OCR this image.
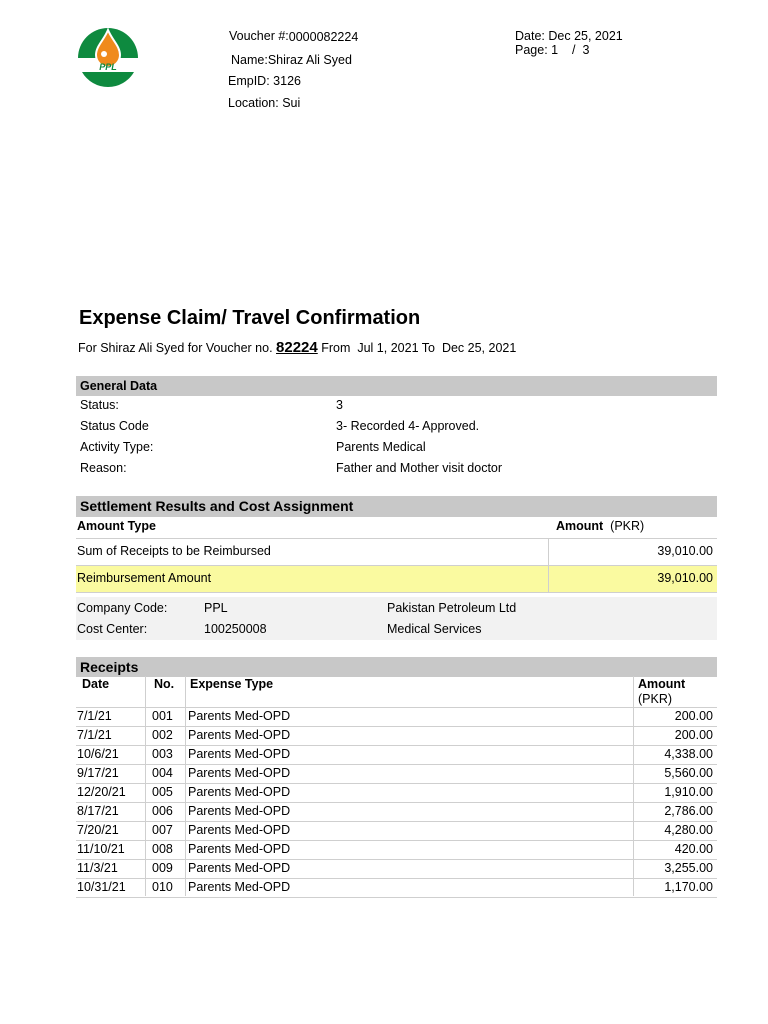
PPL
Voucher #:0000082224
Name:Shiraz Ali Syed
EmpID: 3126
Location: Sui
Date: Dec 25, 2021
Page: 1 / 3
Expense Claim/ Travel Confirmation
For Shiraz Ali Syed for Voucher no. 82224 From Jul 1, 2021 To Dec 25, 2021
General Data
Status:	3
Status Code	3- Recorded 4- Approved.
Activity Type:	Parents Medical
Reason:	Father and Mother visit doctor
Settlement Results and Cost Assignment
Amount Type	Amount (PKR)
Sum of Receipts to be Reimbursed	39,010.00
Reimbursement Amount	39,010.00
Company Code:	PPL	Pakistan Petroleum Ltd
Cost Center:	100250008	Medical Services
Receipts
Date	No. Expense Type	Amount
(PKR)
7/1/21	001 Parents Med-OPD	200.00
7/1/21	002 Parents Med-OPD	200.00
10/6/21	003 Parents Med-OPD	4,338.00
9/17/21	004 Parents Med-OPD	5,560.00
12/20/21 005 Parents Med-OPD	1,910.00
8/17/21	006 Parents Med-OPD	2,786.00
7/20/21	007 Parents Med-OPD	4,280.00
11/10/21 008 Parents Med-OPD	420.00
11/3/21	009 Parents Med-OPD	3,255.00
10/31/21 010 Parents Med-OPD	1,170.00
